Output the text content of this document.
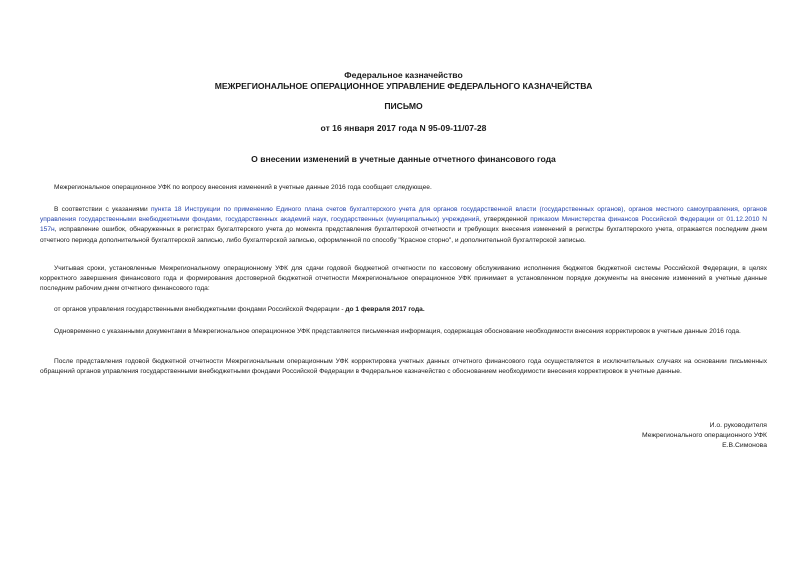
Федеральное казначейство
МЕЖРЕГИОНАЛЬНОЕ ОПЕРАЦИОННОЕ УПРАВЛЕНИЕ ФЕДЕРАЛЬНОГО КАЗНАЧЕЙСТВА
ПИСЬМО
от 16 января 2017 года N 95-09-11/07-28
О внесении изменений в учетные данные отчетного финансового года
Межрегиональное операционное УФК по вопросу внесения изменений в учетные данные 2016 года сообщает следующее.
В соответствии с указаниями пункта 18 Инструкции по применению Единого плана счетов бухгалтерского учета для органов государственной власти (государственных органов), органов местного самоуправления, органов управления государственными внебюджетными фондами, государственных академий наук, государственных (муниципальных) учреждений, утвержденной приказом Министерства финансов Российской Федерации от 01.12.2010 N 157н, исправление ошибок, обнаруженных в регистрах бухгалтерского учета до момента представления бухгалтерской отчетности и требующих внесения изменений в регистры бухгалтерского учета, отражается последним днем отчетного периода дополнительной бухгалтерской записью, либо бухгалтерской записью, оформленной по способу "Красное сторно", и дополнительной бухгалтерской записью.
Учитывая сроки, установленные Межрегиональному операционному УФК для сдачи годовой бюджетной отчетности по кассовому обслуживанию исполнения бюджетов бюджетной системы Российской Федерации, в целях корректного завершения финансового года и формирования достоверной бюджетной отчетности Межрегиональное операционное УФК принимает в установленном порядке документы на внесение изменений в учетные данные последним рабочим днем отчетного финансового года:
от органов управления государственными внебюджетными фондами Российской Федерации - до 1 февраля 2017 года.
Одновременно с указанными документами в Межрегиональное операционное УФК представляется письменная информация, содержащая обоснование необходимости внесения корректировок в учетные данные 2016 года.
После представления годовой бюджетной отчетности Межрегиональным операционным УФК корректировка учетных данных отчетного финансового года осуществляется в исключительных случаях на основании письменных обращений органов управления государственными внебюджетными фондами Российской Федерации в Федеральное казначейство с обоснованием необходимости внесения корректировок в учетные данные.
И.о. руководителя
Межрегионального операционного УФК
Е.В.Симонова
